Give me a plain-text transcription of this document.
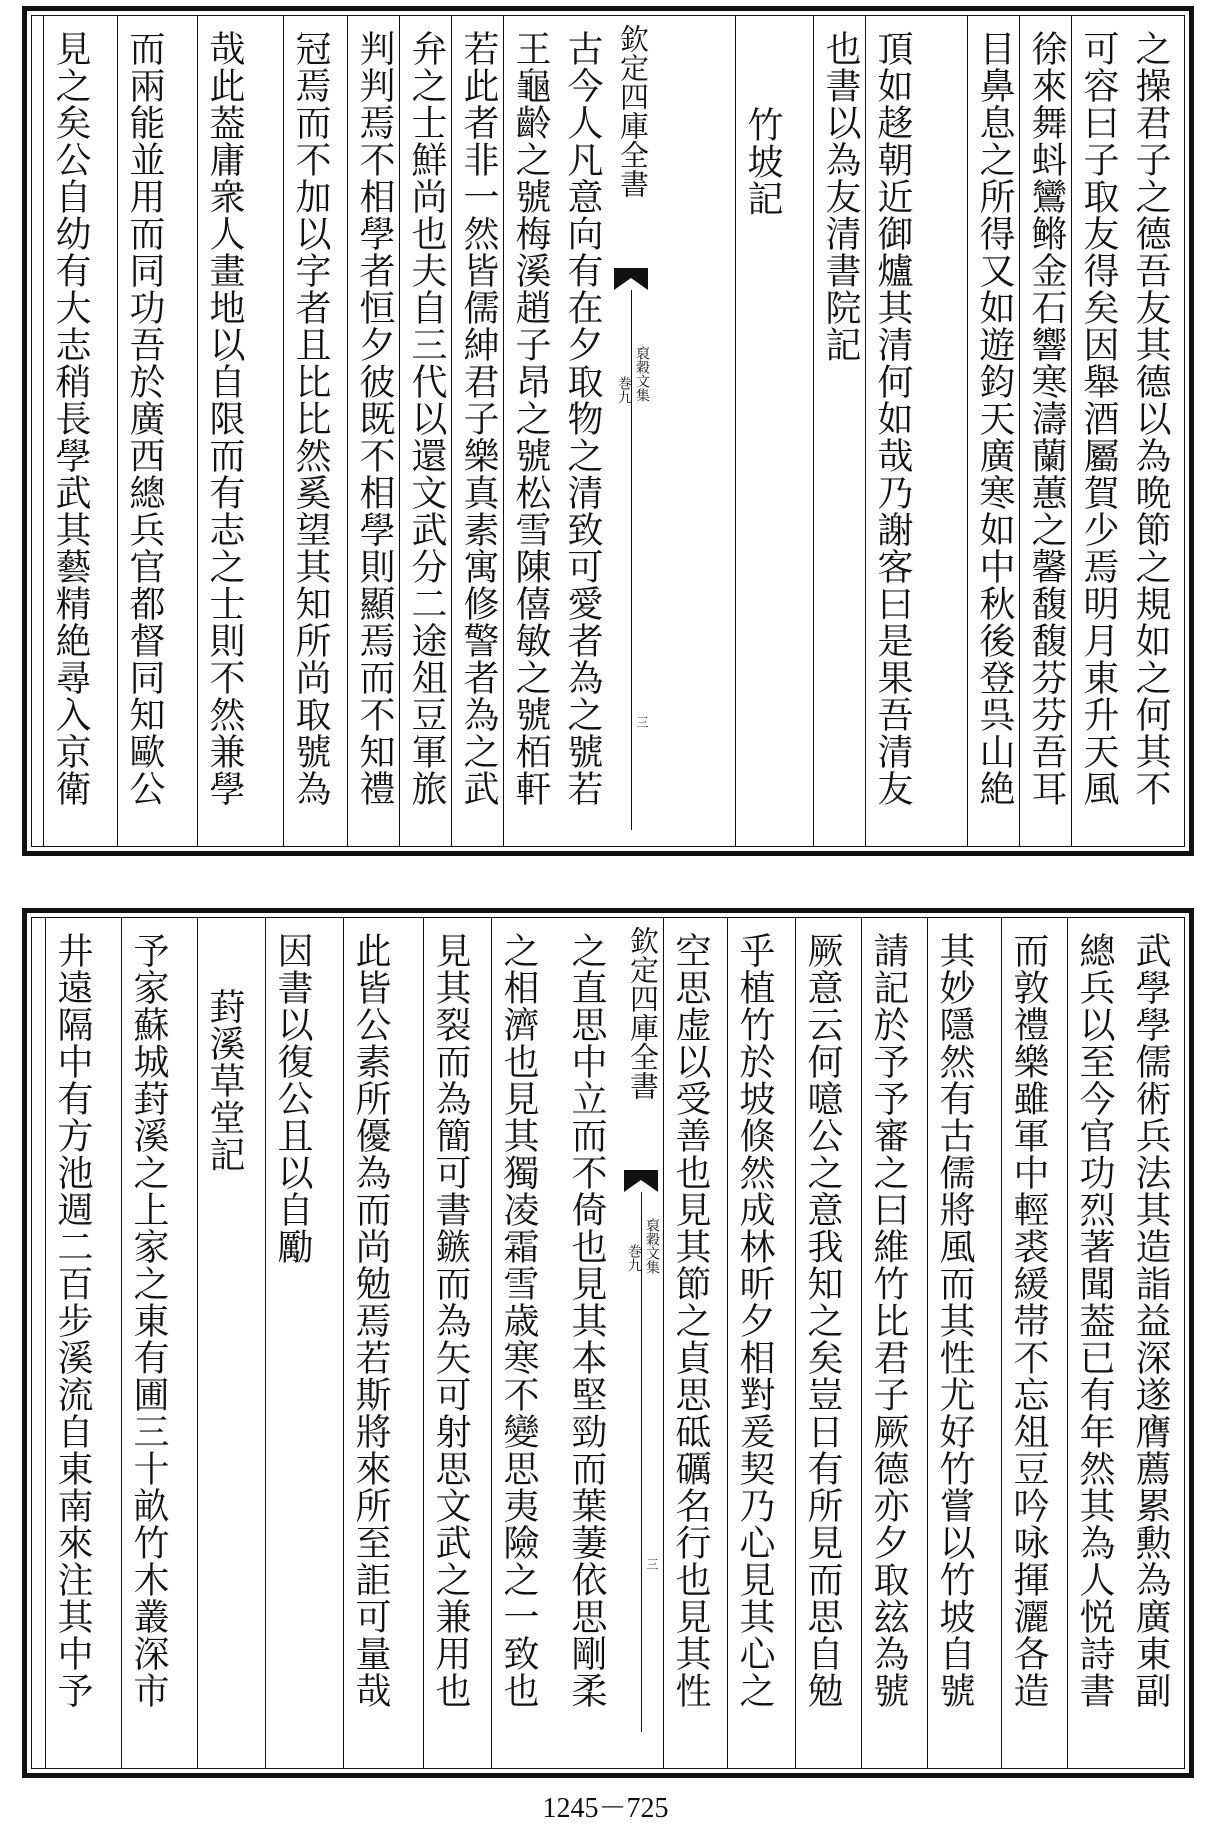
之操君子之德吾友其德以為晩節之規如之何其不
可容曰子取友得矣因舉酒屬賀少焉明月東升天風
徐來舞蚪鸞鳉金石響寒濤蘭蕙之馨馥馥芬芬吾耳
目鼻息之所得又如遊鈞天廣寒如中秋後登呉山絶
頂如趍朝近御爐其清何如哉乃謝客曰是果吾清友
也書以為友清書院記
竹坡記
欽定四庫全書
裒穀文集
巻九
三
古今人凡意向有在夕取物之清致可愛者為之號若
王龜齡之號梅溪趙子昂之號松雪陳僖敏之號栢軒
若此者非一然皆儒紳君子樂真素寓修警者為之武
弁之士鮮尚也夫自三代以還文武分二途俎豆軍旅
判判焉不相學者恒夕彼既不相學則顯焉而不知禮
冠焉而不加以字者且比比然奚望其知所尚取號為
哉此葢庸衆人畫地以自限而有志之士則不然兼學
而兩能並用而同功吾於廣西總兵官都督同知歐公
見之矣公自幼有大志稍長學武其藝精絶尋入京衛
武學學儒術兵法其造詣益深遂膺薦累勲為廣東副
總兵以至今官功烈著聞葢已有年然其為人悦詩書
而敦禮樂雖軍中輕裘緩帯不忘俎豆吟咏揮灑各造
其妙隱然有古儒將風而其性尤好竹嘗以竹坡自號
請記於予予審之曰維竹比君子厥德亦夕取玆為號
厥意云何噫公之意我知之矣豈日有所見而思自勉
乎植竹於坡倏然成林昕夕相對爰契乃心見其心之
空思虚以受善也見其節之貞思砥礪名行也見其性
欽定四庫全書
裒穀文集
巻九
三
之直思中立而不倚也見其本堅勁而葉萋依思剛柔
之相濟也見其獨凌霜雪歳寒不變思夷險之一致也
見其裂而為簡可書鏃而為矢可射思文武之兼用也
此皆公素所優為而尚勉焉若斯將來所至詎可量哉
因書以復公且以自勵
葑溪草堂記
予家蘇城葑溪之上家之東有圃三十畝竹木叢深市
井遠隔中有方池週二百步溪流自東南來注其中予
1245－725
